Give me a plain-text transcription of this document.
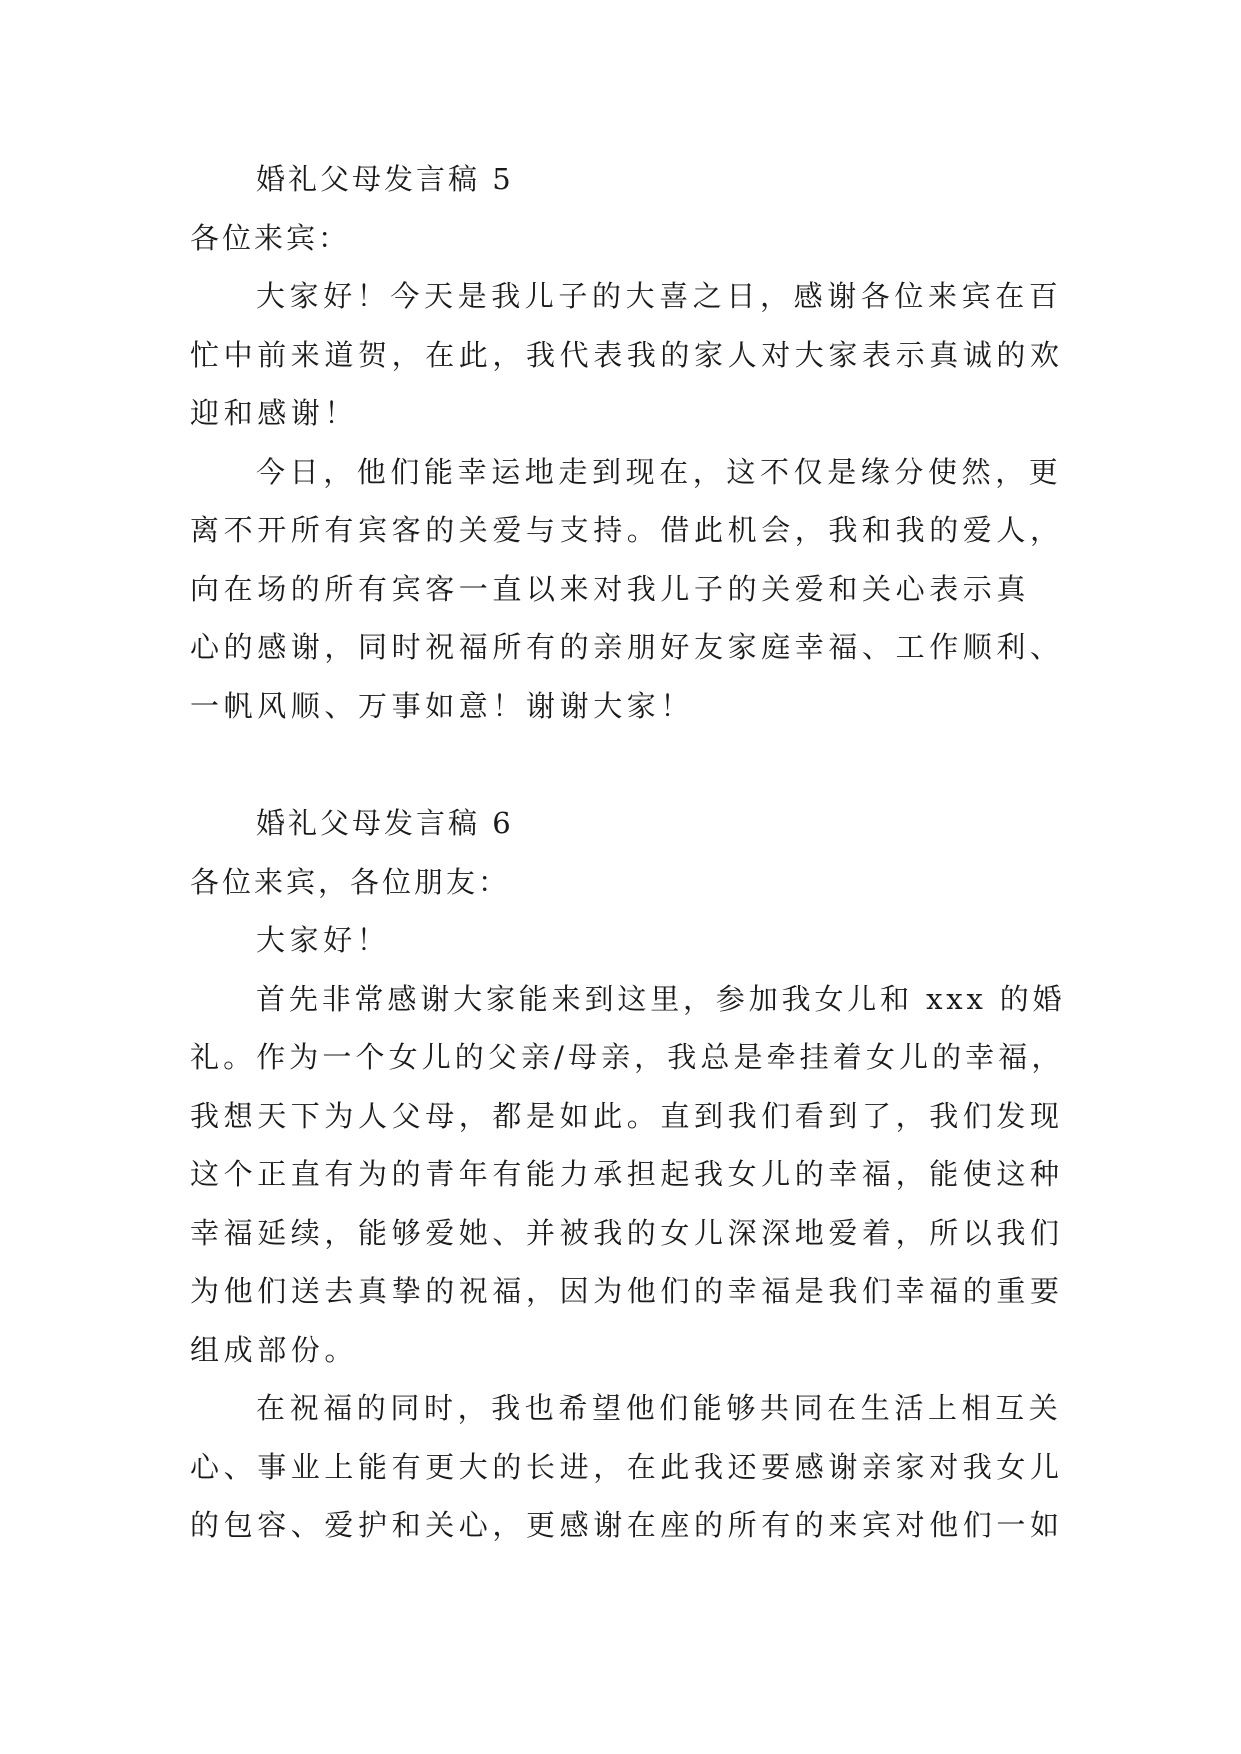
婚礼父母发言稿 5

各位来宾：

大家好！今天是我儿子的大喜之日，感谢各位来宾在百
忙中前来道贺，在此，我代表我的家人对大家表示真诚的欢
迎和感谢！
今日，他们能幸运地走到现在，这不仅是缘分使然，更
离不开所有宾客的关爱与支持。借此机会，我和我的爱人，
向在场的所有宾客一直以来对我儿子的关爱和关心表示真
心的感谢，同时祝福所有的亲朋好友家庭幸福、工作顺利、
一帆风顺、万事如意！谢谢大家！

婚礼父母发言稿 6

各位来宾，各位朋友：

大家好！
首先非常感谢大家能来到这里，参加我女儿和 xxx 的婚
礼。作为一个女儿的父亲/母亲，我总是牵挂着女儿的幸福，
我想天下为人父母，都是如此。直到我们看到了，我们发现
这个正直有为的青年有能力承担起我女儿的幸福，能使这种
幸福延续，能够爱她、并被我的女儿深深地爱着，所以我们
为他们送去真挚的祝福，因为他们的幸福是我们幸福的重要
组成部份。
在祝福的同时，我也希望他们能够共同在生活上相互关
心、事业上能有更大的长进，在此我还要感谢亲家对我女儿
的包容、爱护和关心，更感谢在座的所有的来宾对他们一如
